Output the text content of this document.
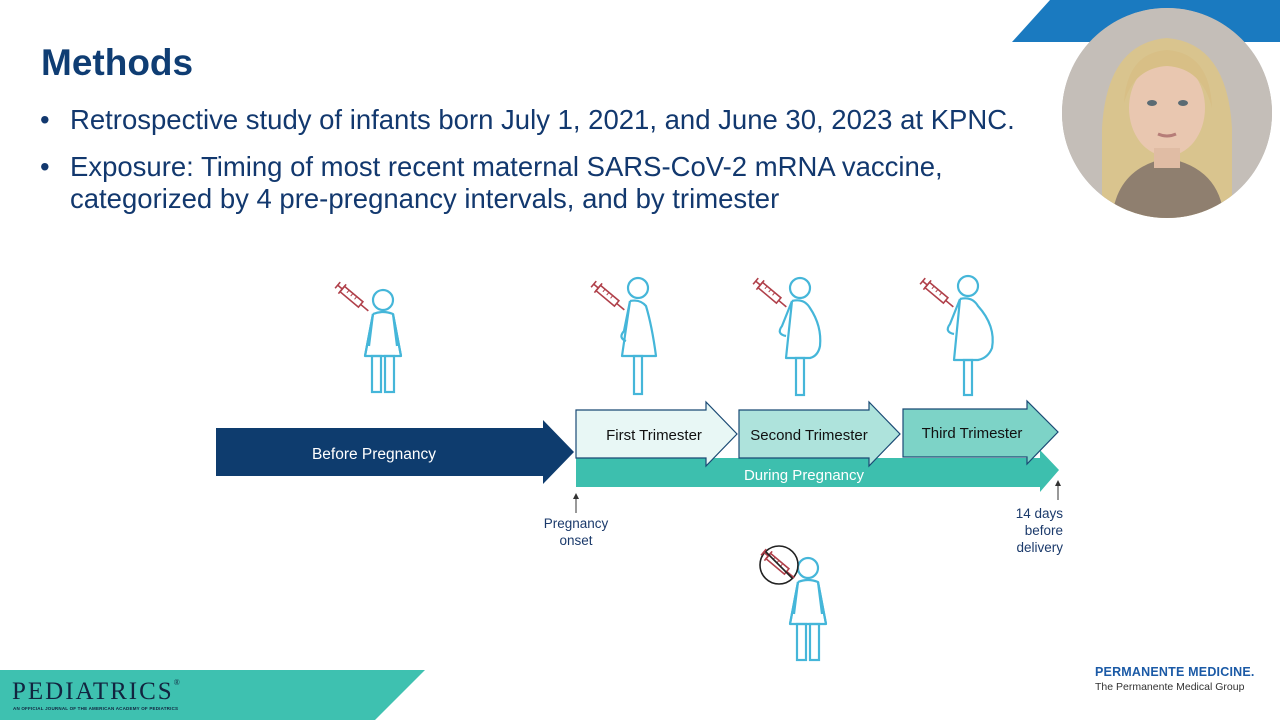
Methods
• Retrospective study of infants born July 1, 2021, and June 30, 2023 at KPNC.
• Exposure: Timing of most recent maternal SARS-CoV-2 mRNA vaccine, categorized by 4 pre-pregnancy intervals, and by trimester
Before Pregnancy
During Pregnancy
First Trimester	Second Trimester	Third Trimester
Pregnancy
onset
14 days
before
delivery
PEDIATRICS®
AN OFFICIAL JOURNAL OF THE AMERICAN ACADEMY OF PEDIATRICS
PERMANENTE MEDICINE.
The Permanente Medical Group
